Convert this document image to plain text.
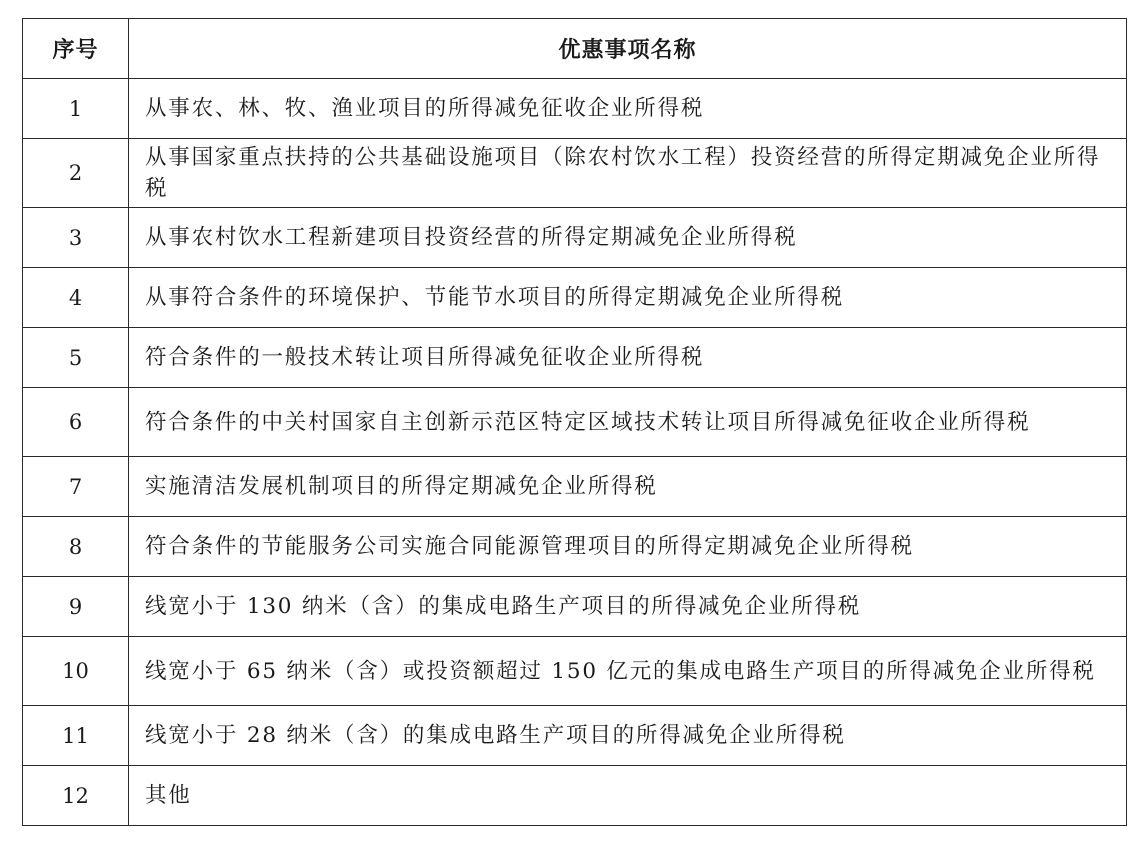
序号	优惠事项名称
1	从事农、林、牧、渔业项目的所得减免征收企业所得税
2	从事国家重点扶持的公共基础设施项目（除农村饮水工程）投资经营的所得定期减免企业所得税
3	从事农村饮水工程新建项目投资经营的所得定期减免企业所得税
4	从事符合条件的环境保护、节能节水项目的所得定期减免企业所得税
5	符合条件的一般技术转让项目所得减免征收企业所得税
6	符合条件的中关村国家自主创新示范区特定区域技术转让项目所得减免征收企业所得税
7	实施清洁发展机制项目的所得定期减免企业所得税
8	符合条件的节能服务公司实施合同能源管理项目的所得定期减免企业所得税
9	线宽小于 130 纳米（含）的集成电路生产项目的所得减免企业所得税
10	线宽小于 65 纳米（含）或投资额超过 150 亿元的集成电路生产项目的所得减免企业所得税
11	线宽小于 28 纳米（含）的集成电路生产项目的所得减免企业所得税
12	其他
